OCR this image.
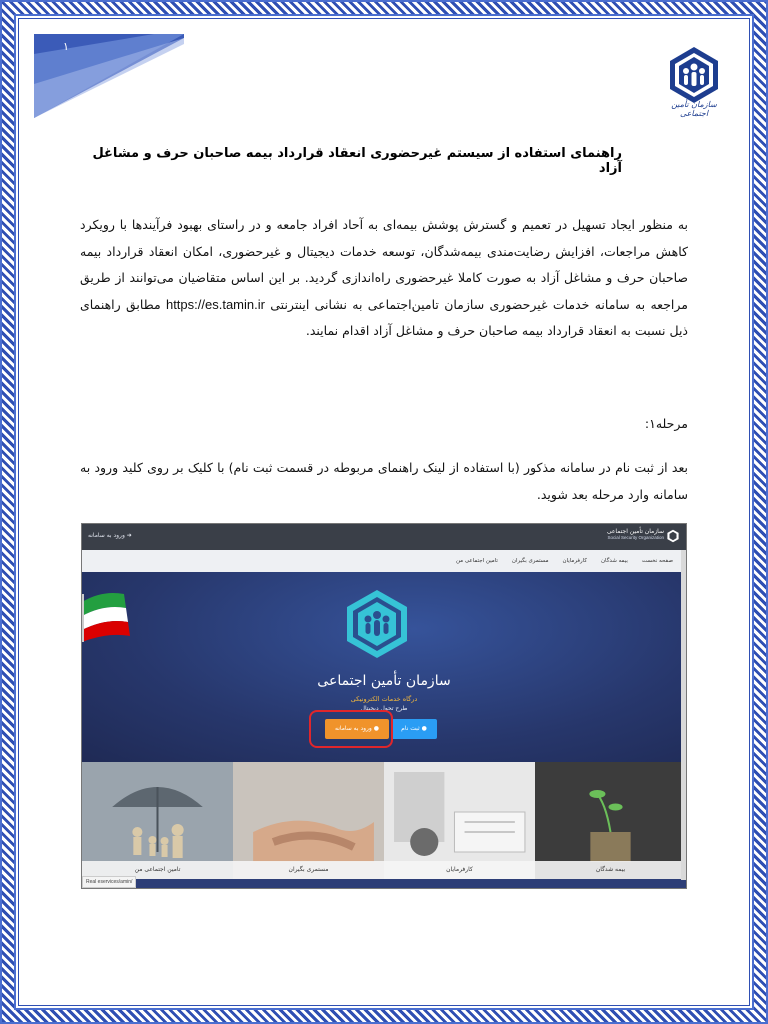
۱
سازمان تأمین اجتماعی
راهنمای استفاده از سیستم غیرحضوری انعقاد قرارداد بیمه صاحبان حرف و مشاغل آزاد
به منظور ایجاد تسهیل در تعمیم و گسترش پوشش بیمه‌ای به آحاد افراد جامعه و در راستای بهبود فرآیندها با رویکرد کاهش مراجعات، افزایش رضایت‌مندی بیمه‌شدگان، توسعه خدمات دیجیتال و غیرحضوری، امکان انعقاد قرارداد بیمه صاحبان حرف و مشاغل آزاد به صورت کاملا غیرحضوری راه‌اندازی گردید. بر این اساس متقاضیان می‌توانند از طریق مراجعه به سامانه خدمات غیرحضوری سازمان تامین‌اجتماعی به نشانی اینترنتی https://es.tamin.ir مطابق راهنمای ذیل نسبت به انعقاد قرارداد بیمه صاحبان حرف و مشاغل آزاد اقدام نمایند.
مرحله۱:
بعد از ثبت نام در سامانه مذکور (با استفاده از لینک راهنمای مربوطه در قسمت ثبت نام) با کلیک بر روی کلید ورود به سامانه وارد مرحله بعد شوید.
➜ ورود به سامانه
سازمان تأمین اجتماعی
Social Security Organization
صفحه نخست
بیمه شدگان
کارفرمایان
مستمری بگیران
تامین اجتماعی من
سازمان تأمین اجتماعی
درگاه خدمات الکترونیکی
طرح تحول دیجیتال
● ورود به سامانه	● ثبت نام
تامین اجتماعی من	مستمری بگیران	کارفرمایان	بیمه شدگان
Real eservices/amin/
